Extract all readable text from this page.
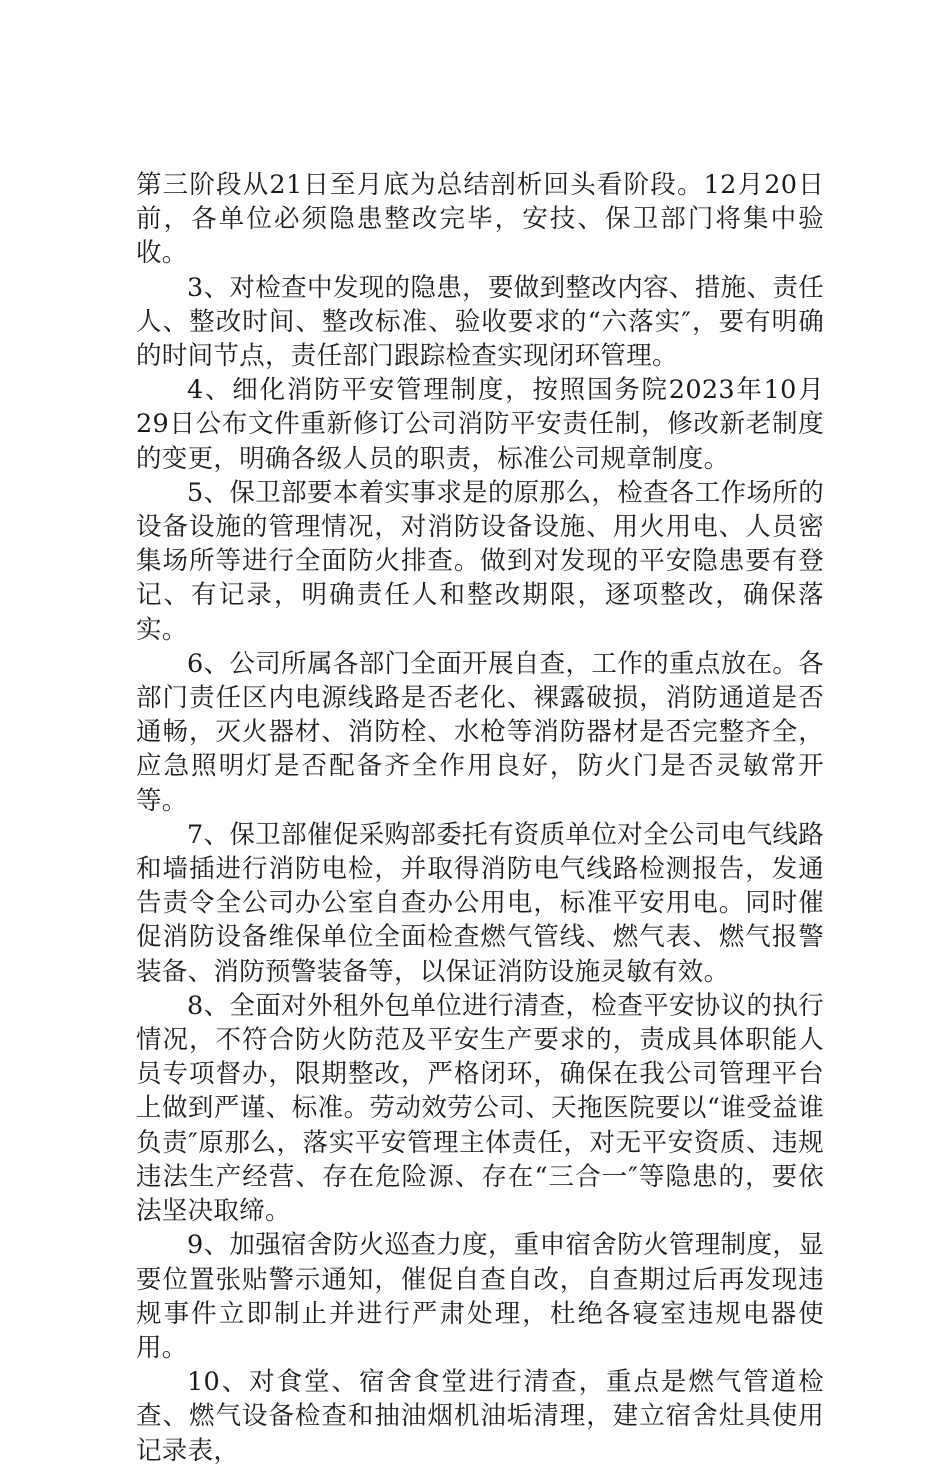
第三阶段从21日至月底为总结剖析回头看阶段。12月20日前，各单位必须隐患整改完毕，安技、保卫部门将集中验收。

3、对检查中发现的隐患，要做到整改内容、措施、责任人、整改时间、整改标准、验收要求的“六落实″，要有明确的时间节点，责任部门跟踪检查实现闭环管理。

4、细化消防平安管理制度，按照国务院2023年10月29日公布文件重新修订公司消防平安责任制，修改新老制度的变更，明确各级人员的职责，标准公司规章制度。

5、保卫部要本着实事求是的原那么，检查各工作场所的设备设施的管理情况，对消防设备设施、用火用电、人员密集场所等进行全面防火排查。做到对发现的平安隐患要有登记、有记录，明确责任人和整改期限，逐项整改，确保落实。

6、公司所属各部门全面开展自查，工作的重点放在。各部门责任区内电源线路是否老化、裸露破损，消防通道是否通畅，灭火器材、消防栓、水枪等消防器材是否完整齐全，应急照明灯是否配备齐全作用良好，防火门是否灵敏常开等。

7、保卫部催促采购部委托有资质单位对全公司电气线路和墙插进行消防电检，并取得消防电气线路检测报告，发通告责令全公司办公室自查办公用电，标准平安用电。同时催促消防设备维保单位全面检查燃气管线、燃气表、燃气报警装备、消防预警装备等，以保证消防设施灵敏有效。

8、全面对外租外包单位进行清查，检查平安协议的执行情况，不符合防火防范及平安生产要求的，责成具体职能人员专项督办，限期整改，严格闭环，确保在我公司管理平台上做到严谨、标准。劳动效劳公司、天拖医院要以“谁受益谁负责″原那么，落实平安管理主体责任，对无平安资质、违规违法生产经营、存在危险源、存在“三合一″等隐患的，要依法坚决取缔。

9、加强宿舍防火巡查力度，重申宿舍防火管理制度，显要位置张贴警示通知，催促自查自改，自查期过后再发现违规事件立即制止并进行严肃处理，杜绝各寝室违规电器使用。

10、对食堂、宿舍食堂进行清查，重点是燃气管道检查、燃气设备检查和抽油烟机油垢清理，建立宿舍灶具使用记录表，
